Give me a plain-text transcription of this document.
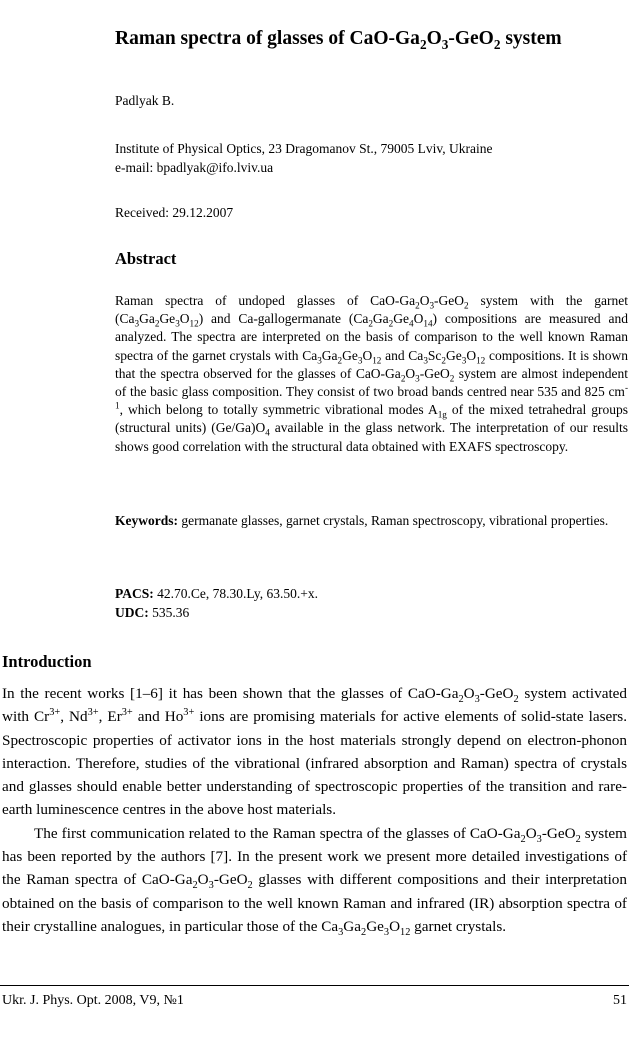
Raman spectra of glasses of CaO-$Ga_2O_3-GeO_2$ system
Padlyak B.
Institute of Physical Optics, 23 Dragomanov St., 79005 Lviv, Ukraine
e-mail: bpadlyak@ifo.lviv.ua
Received: 29.12.2007
Abstract
Raman spectra of undoped glasses of CaO-$Ga_2O_3-GeO_2$ system with the garnet $(Ca_3Ga_2Ge_3O_{12})$ and Ca-gallogermanate $(Ca_2Ga_2Ge_4O_{14})$ compositions are measured and analyzed. The spectra are interpreted on the basis of comparison to the well known Raman spectra of the garnet crystals with $Ca_3Ga_2Ge_3O_{12}$ and $Ca_3Sc_2Ge_3O_{12}$ compositions. It is shown that the spectra observed for the glasses of CaO-$Ga_2O_3-GeO_2$ system are almost independent of the basic glass composition. They consist of two broad bands centred near 535 and 825 $cm^{-1}$, which belong to totally symmetric vibrational modes $A_{1g}$ of the mixed tetrahedral groups (structural units) $(Ge/Ga)O_4$ available in the glass network. The interpretation of our results shows good correlation with the structural data obtained with EXAFS spectroscopy.
Keywords: germanate glasses, garnet crystals, Raman spectroscopy, vibrational properties.
PACS: 42.70.Ce, 78.30.Ly, 63.50.+x.
UDC: 535.36
Introduction

In the recent works [1–6] it has been shown that the glasses of CaO-$Ga_2O_3-GeO_2$ system activated with $Cr^{3+}$, $Nd^{3+}$, $Er^{3+}$ and $Ho^{3+}$ ions are promising materials for active elements of solid-state lasers. Spectroscopic properties of activator ions in the host materials strongly depend on electron-phonon interaction. Therefore, studies of the vibrational (infrared absorption and Raman) spectra of crystals and glasses should enable better understanding of spectroscopic properties of the transition and rare-earth luminescence centres in the above host materials.

The first communication related to the Raman spectra of the glasses of CaO-$Ga_2O_3-GeO_2$ system has been reported by the authors [7]. In the present work we present more detailed investigations of the Raman spectra of CaO-$Ga_2O_3-GeO_2$ glasses with different compositions and their interpretation obtained on the basis of comparison to the well known Raman and infrared (IR) absorption spectra of their crystalline analogues, in particular those of the $Ca_3Ga_2Ge_3O_{12}$ garnet crystals.

Ukr. J. Phys. Opt. 2008, V9, №1	51
